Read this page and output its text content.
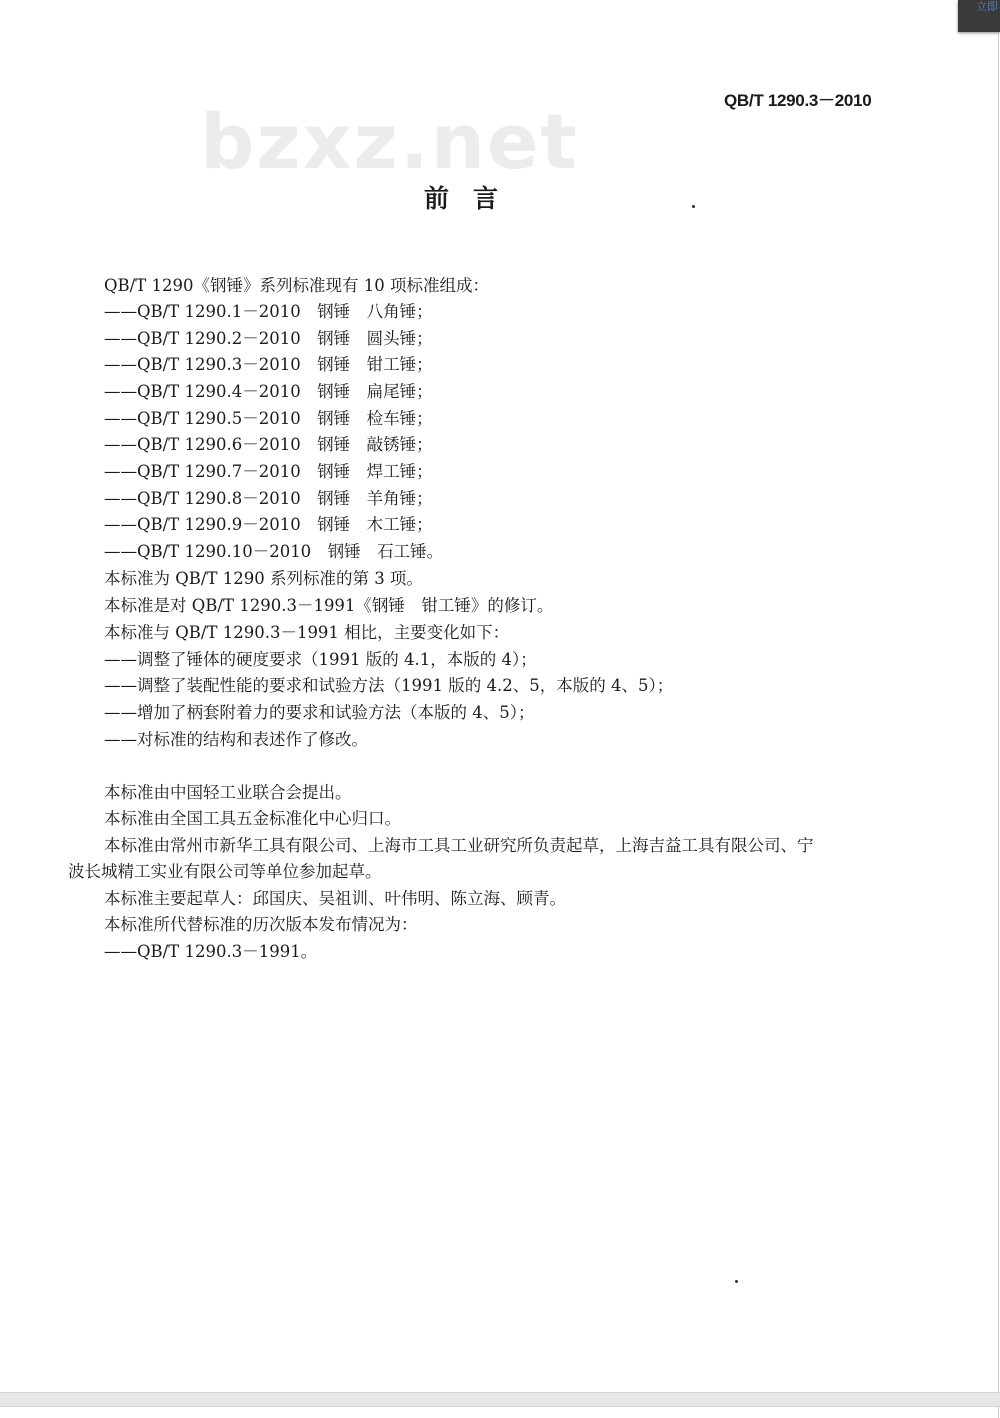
bzxz.net	QB/T 1290.3－2010
前言
QB/T 1290《钢锤》系列标准现有 10 项标准组成：
——QB/T 1290.1－2010　钢锤　八角锤；
——QB/T 1290.2－2010　钢锤　圆头锤；
——QB/T 1290.3－2010　钢锤　钳工锤；
——QB/T 1290.4－2010　钢锤　扁尾锤；
——QB/T 1290.5－2010　钢锤　检车锤；
——QB/T 1290.6－2010　钢锤　敲锈锤；
——QB/T 1290.7－2010　钢锤　焊工锤；
——QB/T 1290.8－2010　钢锤　羊角锤；
——QB/T 1290.9－2010　钢锤　木工锤；
——QB/T 1290.10－2010　钢锤　石工锤。
本标准为 QB/T 1290 系列标准的第 3 项。
本标准是对 QB/T 1290.3－1991《钢锤　钳工锤》的修订。
本标准与 QB/T 1290.3－1991 相比，主要变化如下：
——调整了锤体的硬度要求（1991 版的 4.1，本版的 4）；
——调整了装配性能的要求和试验方法（1991 版的 4.2、5，本版的 4、5）；
——增加了柄套附着力的要求和试验方法（本版的 4、5）；
——对标准的结构和表述作了修改。
本标准由中国轻工业联合会提出。
本标准由全国工具五金标准化中心归口。
本标准由常州市新华工具有限公司、上海市工具工业研究所负责起草，上海吉益工具有限公司、宁
波长城精工实业有限公司等单位参加起草。
本标准主要起草人：邱国庆、吴祖训、叶伟明、陈立海、顾青。
本标准所代替标准的历次版本发布情况为：
——QB/T 1290.3－1991。
立即
